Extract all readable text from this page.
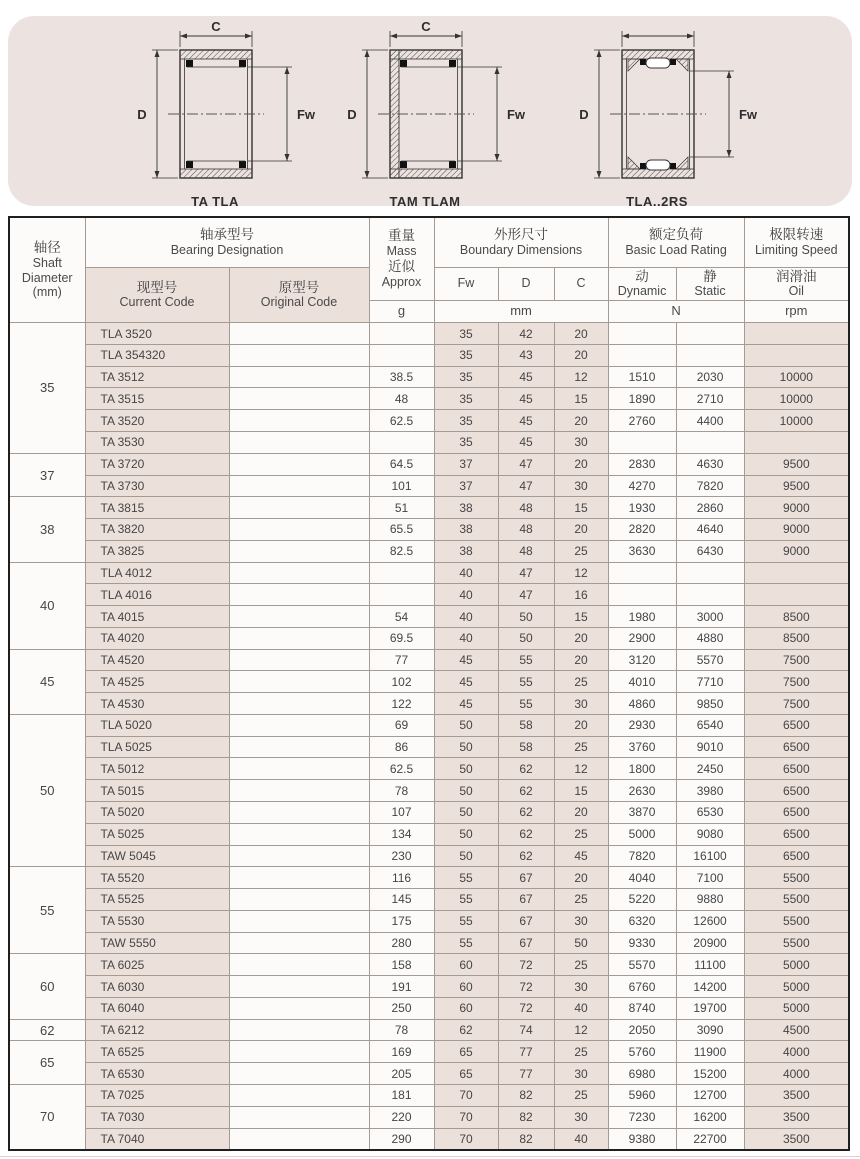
C
D	Fw
TA TLA
C
D	Fw
TAM TLAM
D	Fw
TLA..2RS
轴径
Shaft
Diameter
(mm)	轴承型号
Bearing Designation		重量
Mass
近似
Approx	外形尺寸
Boundary Dimensions			额定负荷
Basic Load Rating		极限转速
Limiting Speed

	现型号
Current Code	原型号
Original Code		Fw	D	C	动
Dynamic	静
Static	润滑油
Oil

			g	mm			N		rpm
35	TLA 3520			35	42	20			
	TLA 354320			35	43	20			
	TA 3512		38.5	35	45	12	1510	2030	10000
	TA 3515		48	35	45	15	1890	2710	10000
	TA 3520		62.5	35	45	20	2760	4400	10000
	TA 3530			35	45	30			
37	TA 3720		64.5	37	47	20	2830	4630	9500
	TA 3730		101	37	47	30	4270	7820	9500
38	TA 3815		51	38	48	15	1930	2860	9000
	TA 3820		65.5	38	48	20	2820	4640	9000
	TA 3825		82.5	38	48	25	3630	6430	9000
40	TLA 4012			40	47	12			
	TLA 4016			40	47	16			
	TA 4015		54	40	50	15	1980	3000	8500
	TA 4020		69.5	40	50	20	2900	4880	8500
45	TA 4520		77	45	55	20	3120	5570	7500
	TA 4525		102	45	55	25	4010	7710	7500
	TA 4530		122	45	55	30	4860	9850	7500
50	TLA 5020		69	50	58	20	2930	6540	6500
	TLA 5025		86	50	58	25	3760	9010	6500
	TA 5012		62.5	50	62	12	1800	2450	6500
	TA 5015		78	50	62	15	2630	3980	6500
	TA 5020		107	50	62	20	3870	6530	6500
	TA 5025		134	50	62	25	5000	9080	6500
	TAW 5045		230	50	62	45	7820	16100	6500
55	TA 5520		116	55	67	20	4040	7100	5500
	TA 5525		145	55	67	25	5220	9880	5500
	TA 5530		175	55	67	30	6320	12600	5500
	TAW 5550		280	55	67	50	9330	20900	5500
60	TA 6025		158	60	72	25	5570	11100	5000
	TA 6030		191	60	72	30	6760	14200	5000
	TA 6040		250	60	72	40	8740	19700	5000
62	TA 6212		78	62	74	12	2050	3090	4500
65	TA 6525		169	65	77	25	5760	11900	4000
	TA 6530		205	65	77	30	6980	15200	4000
70	TA 7025		181	70	82	25	5960	12700	3500
	TA 7030		220	70	82	30	7230	16200	3500
	TA 7040		290	70	82	40	9380	22700	3500
